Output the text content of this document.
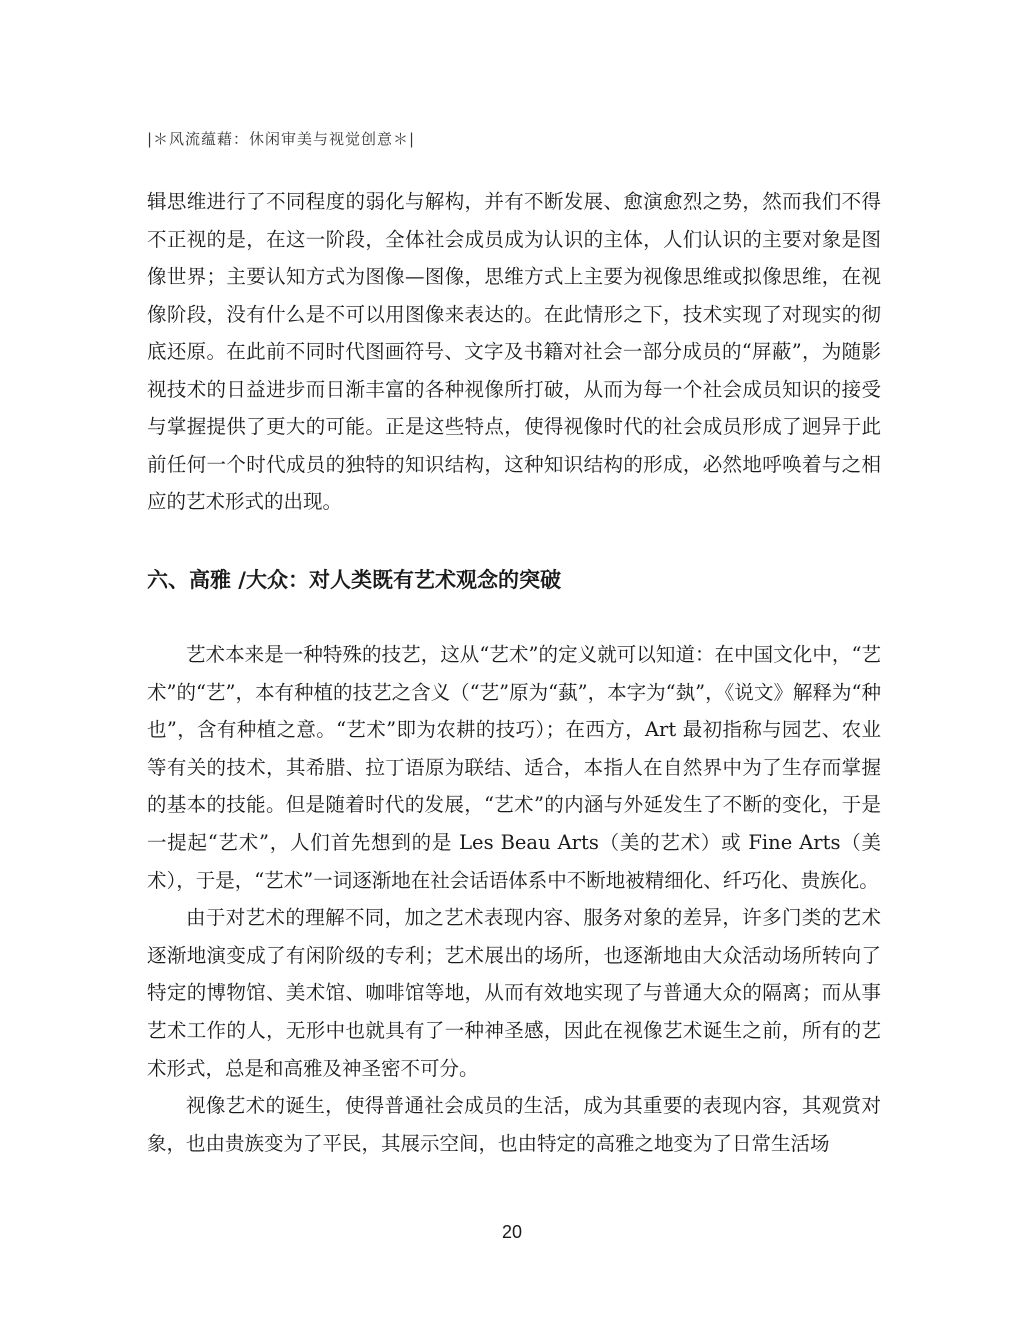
|＊风流蕴藉：休闲审美与视觉创意＊|

辑思维进行了不同程度的弱化与解构，并有不断发展、愈演愈烈之势，然而我们不得不正视的是，在这一阶段，全体社会成员成为认识的主体，人们认识的主要对象是图像世界；主要认知方式为图像—图像，思维方式上主要为视像思维或拟像思维，在视像阶段，没有什么是不可以用图像来表达的。在此情形之下，技术实现了对现实的彻底还原。在此前不同时代图画符号、文字及书籍对社会一部分成员的“屏蔽”，为随影视技术的日益进步而日渐丰富的各种视像所打破，从而为每一个社会成员知识的接受与掌握提供了更大的可能。正是这些特点，使得视像时代的社会成员形成了迥异于此前任何一个时代成员的独特的知识结构，这种知识结构的形成，必然地呼唤着与之相应的艺术形式的出现。

六、高雅 /大众：对人类既有艺术观念的突破

艺术本来是一种特殊的技艺，这从“艺术”的定义就可以知道：在中国文化中，“艺术”的“艺”，本有种植的技艺之含义（“艺”原为“蓺”，本字为“埶”，《说文》解释为“种也”，含有种植之意。“艺术”即为农耕的技巧）；在西方，Art 最初指称与园艺、农业等有关的技术，其希腊、拉丁语原为联结、适合，本指人在自然界中为了生存而掌握的基本的技能。但是随着时代的发展，“艺术”的内涵与外延发生了不断的变化，于是一提起“艺术”，人们首先想到的是 Les Beau Arts（美的艺术）或 Fine Arts（美术），于是，“艺术”一词逐渐地在社会话语体系中不断地被精细化、纤巧化、贵族化。

由于对艺术的理解不同，加之艺术表现内容、服务对象的差异，许多门类的艺术逐渐地演变成了有闲阶级的专利；艺术展出的场所，也逐渐地由大众活动场所转向了特定的博物馆、美术馆、咖啡馆等地，从而有效地实现了与普通大众的隔离；而从事艺术工作的人，无形中也就具有了一种神圣感，因此在视像艺术诞生之前，所有的艺术形式，总是和高雅及神圣密不可分。

视像艺术的诞生，使得普通社会成员的生活，成为其重要的表现内容，其观赏对象，也由贵族变为了平民，其展示空间，也由特定的高雅之地变为了日常生活场

20
